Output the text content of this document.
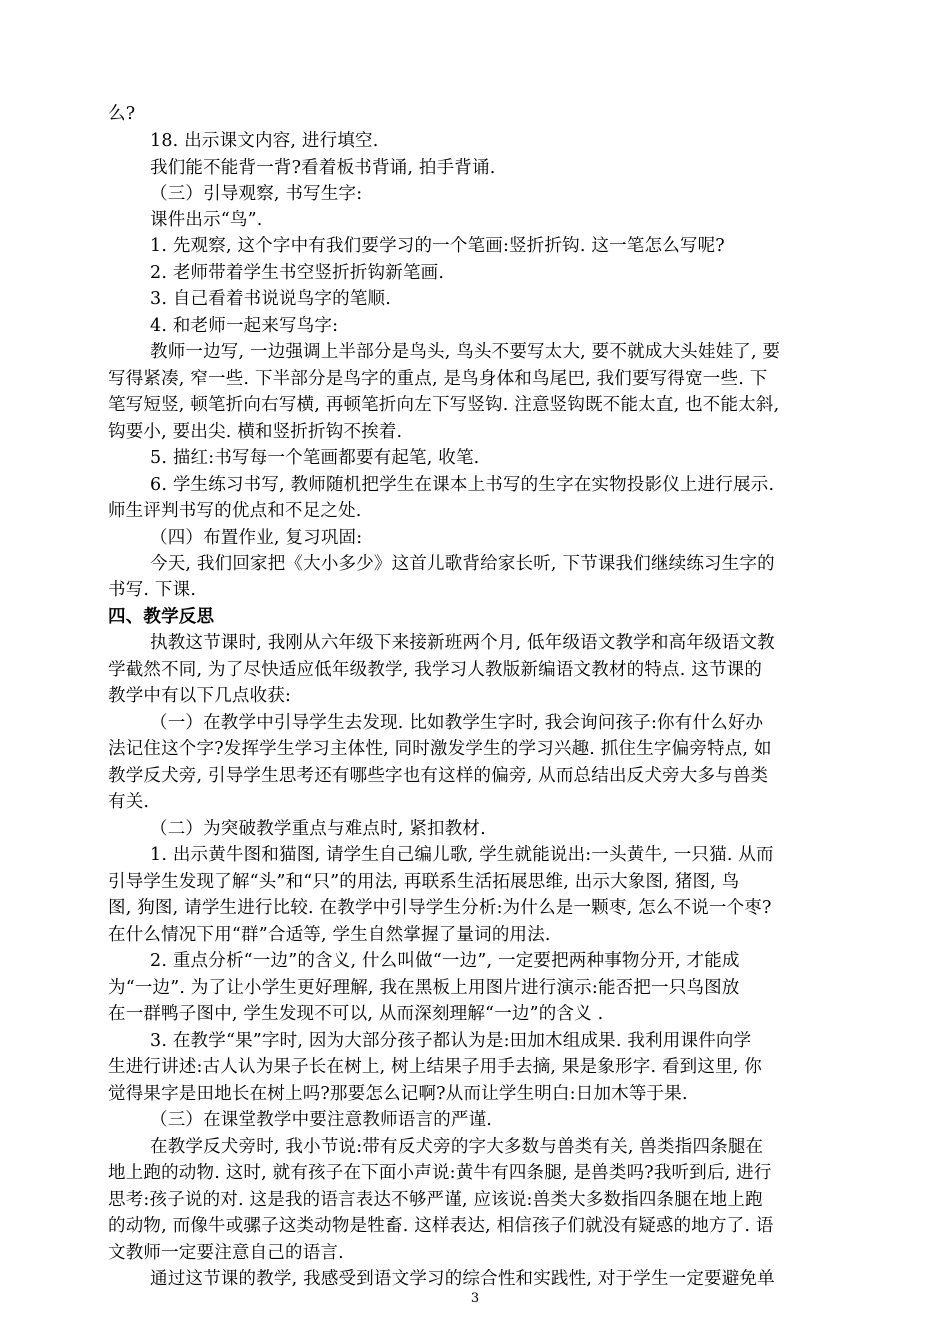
么?
18. 出示课文内容, 进行填空.
我们能不能背一背?看着板书背诵, 拍手背诵.
（三）引导观察, 书写生字:
课件出示“鸟”.
1. 先观察, 这个字中有我们要学习的一个笔画:竖折折钩. 这一笔怎么写呢?
2. 老师带着学生书空竖折折钩新笔画.
3. 自己看着书说说鸟字的笔顺.
4. 和老师一起来写鸟字:
教师一边写, 一边强调上半部分是鸟头, 鸟头不要写太大, 要不就成大头娃娃了, 要
写得紧凑, 窄一些. 下半部分是鸟字的重点, 是鸟身体和鸟尾巴, 我们要写得宽一些. 下
笔写短竖, 顿笔折向右写横, 再顿笔折向左下写竖钩. 注意竖钩既不能太直, 也不能太斜,
钩要小, 要出尖. 横和竖折折钩不挨着.
5. 描红:书写每一个笔画都要有起笔, 收笔.
6. 学生练习书写, 教师随机把学生在课本上书写的生字在实物投影仪上进行展示.
师生评判书写的优点和不足之处.
（四）布置作业, 复习巩固:
今天, 我们回家把《大小多少》这首儿歌背给家长听, 下节课我们继续练习生字的
书写. 下课.
四、教学反思
执教这节课时, 我刚从六年级下来接新班两个月, 低年级语文教学和高年级语文教
学截然不同, 为了尽快适应低年级教学, 我学习人教版新编语文教材的特点. 这节课的
教学中有以下几点收获:
（一）在教学中引导学生去发现. 比如教学生字时, 我会询问孩子:你有什么好办
法记住这个字?发挥学生学习主体性, 同时激发学生的学习兴趣. 抓住生字偏旁特点, 如
教学反犬旁, 引导学生思考还有哪些字也有这样的偏旁, 从而总结出反犬旁大多与兽类
有关.
（二）为突破教学重点与难点时, 紧扣教材.
1. 出示黄牛图和猫图, 请学生自己编儿歌, 学生就能说出:一头黄牛, 一只猫. 从而
引导学生发现了解“头”和“只”的用法, 再联系生活拓展思维, 出示大象图, 猪图, 鸟
图, 狗图, 请学生进行比较. 在教学中引导学生分析:为什么是一颗枣, 怎么不说一个枣?
在什么情况下用“群”合适等, 学生自然掌握了量词的用法.
2. 重点分析“一边”的含义, 什么叫做“一边”, 一定要把两种事物分开, 才能成
为“一边”. 为了让小学生更好理解, 我在黑板上用图片进行演示:能否把一只鸟图放
在一群鸭子图中, 学生发现不可以, 从而深刻理解“一边”的含义 .
3. 在教学“果”字时, 因为大部分孩子都认为是:田加木组成果. 我利用课件向学
生进行讲述:古人认为果子长在树上, 树上结果子用手去摘, 果是象形字. 看到这里, 你
觉得果字是田地长在树上吗?那要怎么记啊?从而让学生明白:日加木等于果.
（三）在课堂教学中要注意教师语言的严谨.
在教学反犬旁时, 我小节说:带有反犬旁的字大多数与兽类有关, 兽类指四条腿在
地上跑的动物. 这时, 就有孩子在下面小声说:黄牛有四条腿, 是兽类吗?我听到后, 进行
思考:孩子说的对. 这是我的语言表达不够严谨, 应该说:兽类大多数指四条腿在地上跑
的动物, 而像牛或骡子这类动物是牲畜. 这样表达, 相信孩子们就没有疑惑的地方了. 语
文教师一定要注意自己的语言.
通过这节课的教学, 我感受到语文学习的综合性和实践性, 对于学生一定要避免单
3
